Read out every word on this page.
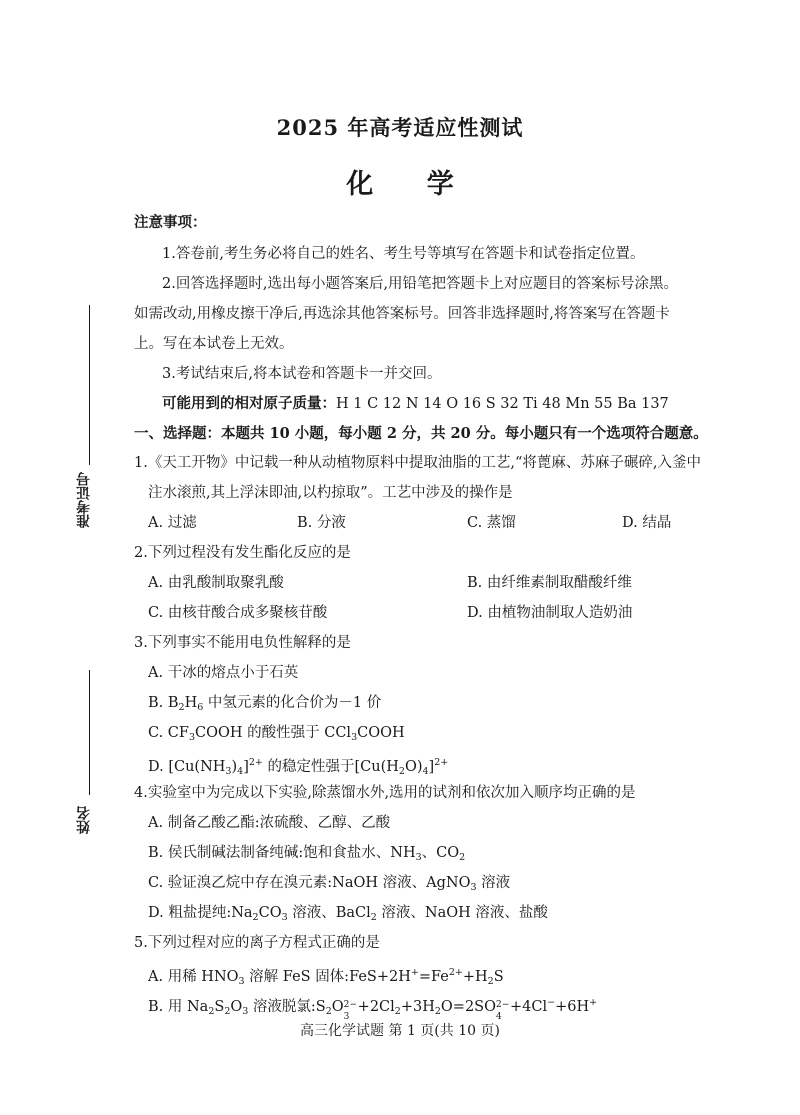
2025 年高考适应性测试
化 学
准考证号
姓名
注意事项：
1.答卷前,考生务必将自己的姓名、考生号等填写在答题卡和试卷指定位置。
2.回答选择题时,选出每小题答案后,用铅笔把答题卡上对应题目的答案标号涂黑。
如需改动,用橡皮擦干净后,再选涂其他答案标号。回答非选择题时,将答案写在答题卡
上。写在本试卷上无效。
3.考试结束后,将本试卷和答题卡一并交回。
可能用到的相对原子质量：H 1 C 12 N 14 O 16 S 32 Ti 48 Mn 55 Ba 137
一、选择题：本题共 10 小题，每小题 2 分，共 20 分。每小题只有一个选项符合题意。
1.《天工开物》中记载一种从动植物原料中提取油脂的工艺,“将蓖麻、苏麻子碾碎,入釜中
注水滚煎,其上浮沫即油,以杓掠取”。工艺中涉及的操作是
A. 过滤	B. 分液	C. 蒸馏	D. 结晶
2.下列过程没有发生酯化反应的是
A. 由乳酸制取聚乳酸	B. 由纤维素制取醋酸纤维
C. 由核苷酸合成多聚核苷酸	D. 由植物油制取人造奶油
3.下列事实不能用电负性解释的是
A. 干冰的熔点小于石英
B. $B_2H_6$ 中氢元素的化合价为－1 价
C. $CF_3COOH$ 的酸性强于 CCl$_3$COOH
D. $[Cu(NH_3)_4]^{2+}$ 的稳定性强于$[Cu(H_2O)_4]^{2+}$
4.实验室中为完成以下实验,除蒸馏水外,选用的试剂和依次加入顺序均正确的是
A. 制备乙酸乙酯:浓硫酸、乙醇、乙酸
B. 侯氏制碱法制备纯碱:饱和食盐水、$NH_3$、$CO_2$
C. 验证溴乙烷中存在溴元素:NaOH 溶液、AgNO$_3$ 溶液
D. 粗盐提纯$:Na_2CO_3$ 溶液、BaCl$_2$ 溶液、NaOH 溶液、盐酸
5.下列过程对应的离子方程式正确的是
A. 用稀 $HNO_3$ 溶解 FeS 固体$:FeS+2H^+=Fe^{2+}+H_2S$
B. 用 $Na_2S_2O_3$ 溶液脱氯$:S_2O$ 2−
3
$+2Cl_2+3H_2O=2SO$ 2−
4
+4Cl−+6H+
高三化学试题 第 1 页(共 10 页)
